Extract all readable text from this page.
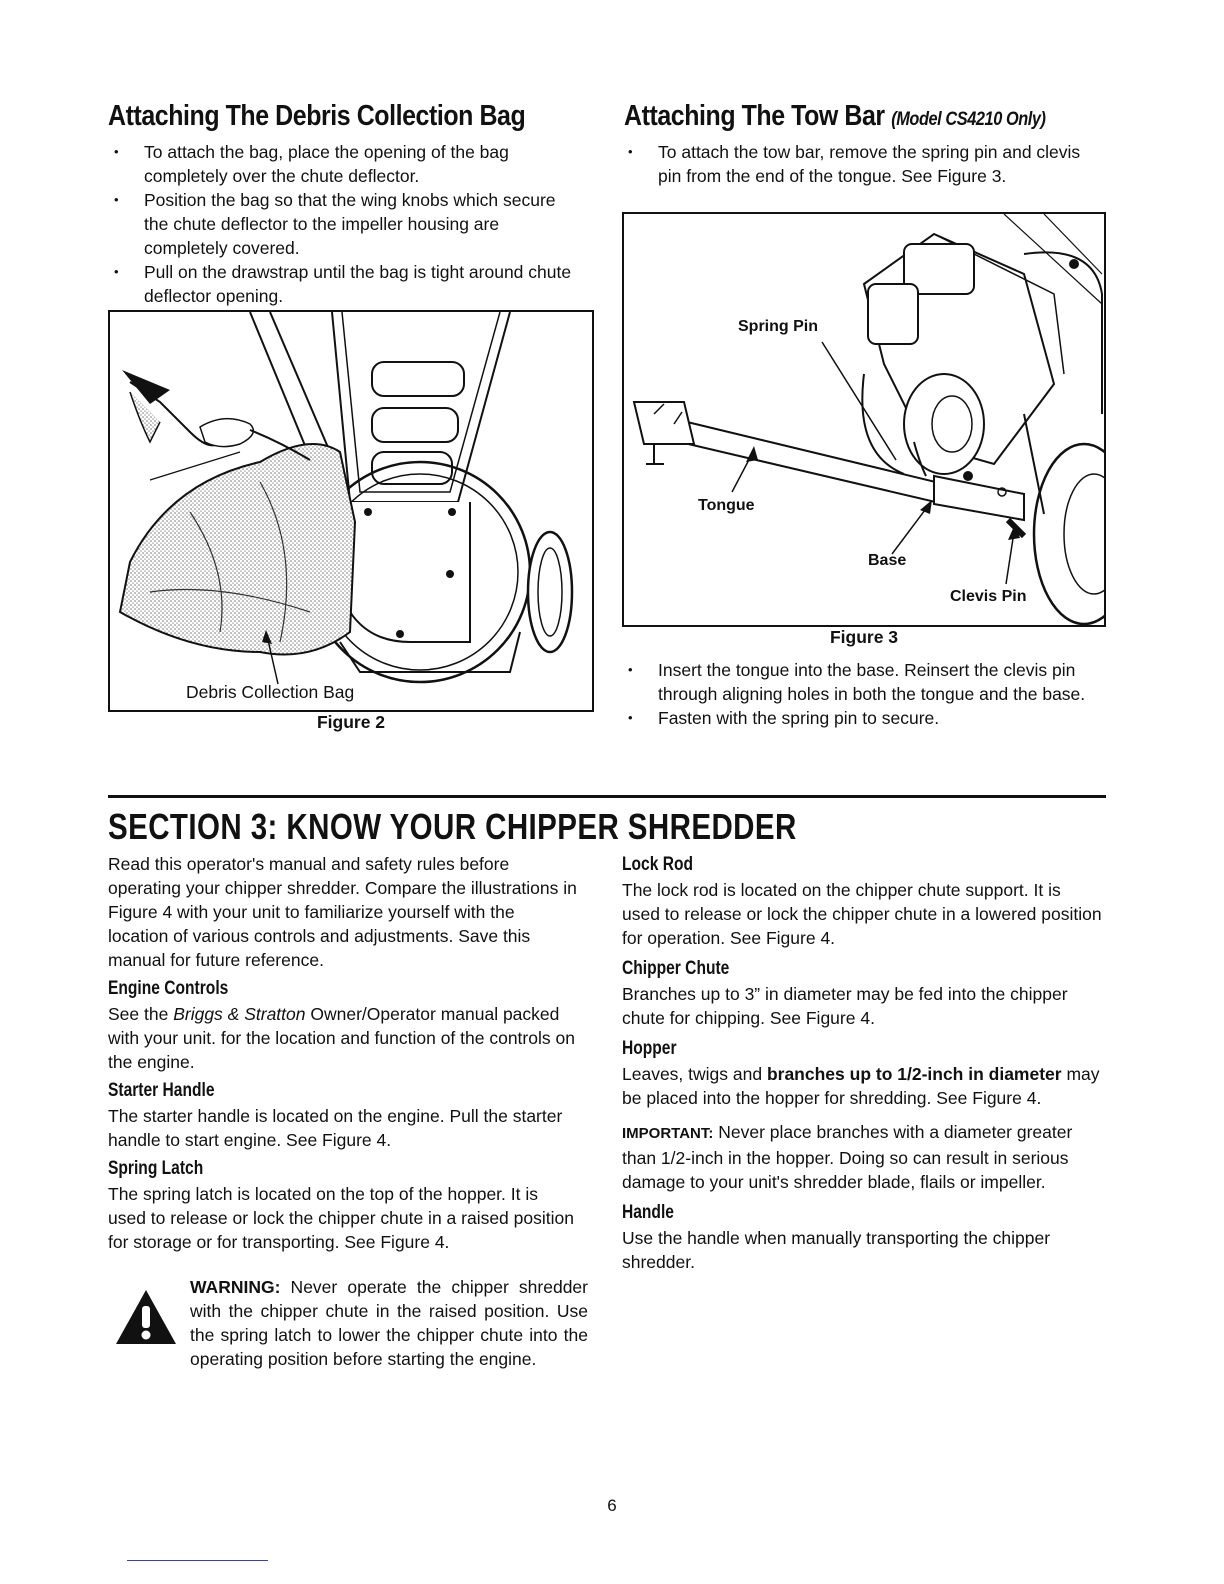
Attaching The Debris Collection Bag
• To attach the bag, place the opening of the bag completely over the chute deflector.
• Position the bag so that the wing knobs which secure the chute deflector to the impeller housing are completely covered.
• Pull on the drawstrap until the bag is tight around chute deflector opening.
Debris Collection Bag
Figure 2
Attaching The Tow Bar (Model CS4210 Only)
• To attach the tow bar, remove the spring pin and clevis pin from the end of the tongue. See Figure 3.
Spring Pin
Tongue
Base
Clevis Pin
Figure 3
• Insert the tongue into the base. Reinsert the clevis pin through aligning holes in both the tongue and the base.
• Fasten with the spring pin to secure.
SECTION 3: KNOW YOUR CHIPPER SHREDDER

Read this operator's manual and safety rules before operating your chipper shredder. Compare the illustrations in Figure 4 with your unit to familiarize yourself with the location of various controls and adjustments. Save this manual for future reference.

Engine Controls

See the Briggs & Stratton Owner/Operator manual packed with your unit. for the location and function of the controls on the engine.

Starter Handle

The starter handle is located on the engine. Pull the starter handle to start engine. See Figure 4.

Spring Latch

The spring latch is located on the top of the hopper. It is used to release or lock the chipper chute in a raised position for storage or for transporting. See Figure 4.

WARNING: Never operate the chipper shredder with the chipper chute in the raised position. Use the spring latch to lower the chipper chute into the operating position before starting the engine.

Lock Rod

The lock rod is located on the chipper chute support. It is used to release or lock the chipper chute in a lowered position for operation. See Figure 4.

Chipper Chute

Branches up to 3” in diameter may be fed into the chipper chute for chipping. See Figure 4.

Hopper

Leaves, twigs and branches up to 1/2-inch in diameter may be placed into the hopper for shredding. See Figure 4.

IMPORTANT: Never place branches with a diameter greater than 1/2-inch in the hopper. Doing so can result in serious damage to your unit's shredder blade, flails or impeller.

Handle

Use the handle when manually transporting the chipper shredder.

6
